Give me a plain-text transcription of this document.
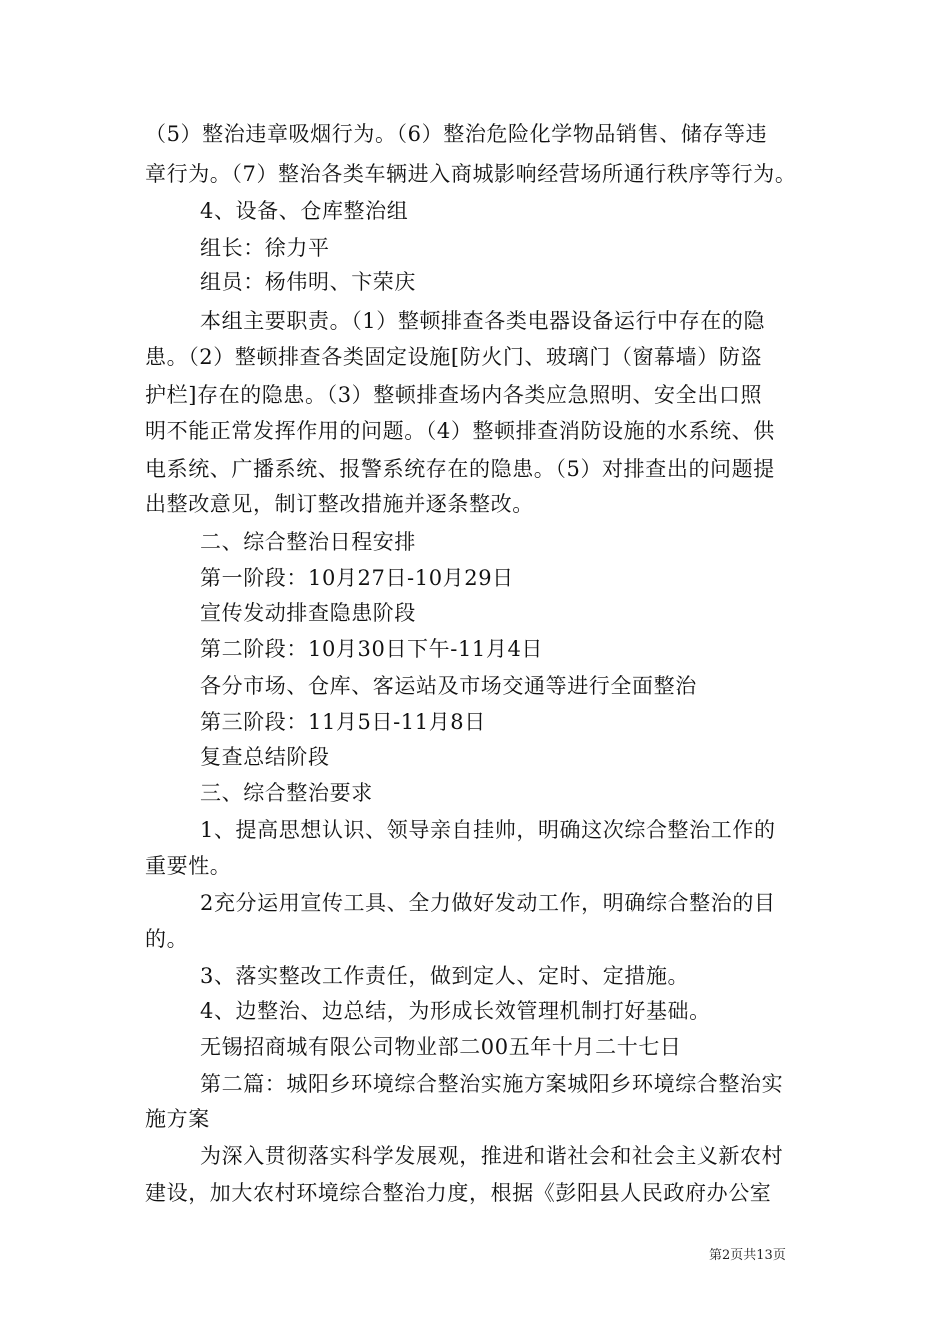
（5）整治违章吸烟行为。（6）整治危险化学物品销售、储存等违
章行为。（7）整治各类车辆进入商城影响经营场所通行秩序等行为。
4、设备、仓库整治组
组长：徐力平
组员：杨伟明、卞荣庆
本组主要职责。（1）整顿排查各类电器设备运行中存在的隐
患。（2）整顿排查各类固定设施[防火门、玻璃门（窗幕墙）防盗
护栏]存在的隐患。（3）整顿排查场内各类应急照明、安全出口照
明不能正常发挥作用的问题。（4）整顿排查消防设施的水系统、供
电系统、广播系统、报警系统存在的隐患。（5）对排查出的问题提
出整改意见，制订整改措施并逐条整改。
二、综合整治日程安排
第一阶段：10月27日-10月29日
宣传发动排查隐患阶段
第二阶段：10月30日下午-11月4日
各分市场、仓库、客运站及市场交通等进行全面整治
第三阶段：11月5日-11月8日
复查总结阶段
三、综合整治要求
1、提高思想认识、领导亲自挂帅，明确这次综合整治工作的
重要性。
2充分运用宣传工具、全力做好发动工作，明确综合整治的目
的。
3、落实整改工作责任，做到定人、定时、定措施。
4、边整治、边总结，为形成长效管理机制打好基础。
无锡招商城有限公司物业部二00五年十月二十七日
第二篇：城阳乡环境综合整治实施方案城阳乡环境综合整治实
施方案
为深入贯彻落实科学发展观，推进和谐社会和社会主义新农村
建设，加大农村环境综合整治力度，根据《彭阳县人民政府办公室
第2页共13页
